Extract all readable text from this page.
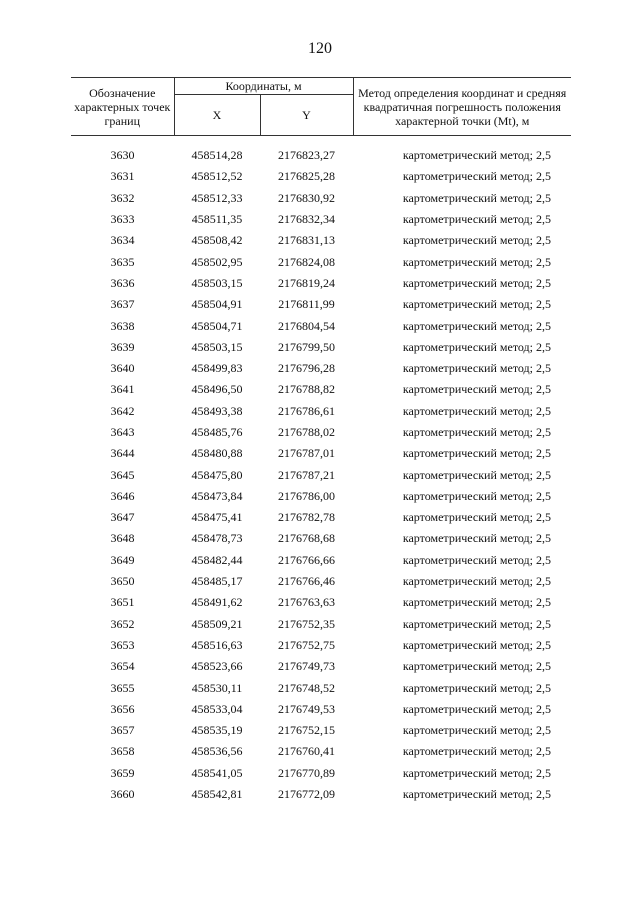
120
Обозначение характерных точек границ	Координаты, м		Метод определения координат и средняя квадратичная погрешность положения характерной точки (Mt), м
	X	Y	

3630	458514,28	2176823,27	картометрический метод; 2,5
3631	458512,52	2176825,28	картометрический метод; 2,5
3632	458512,33	2176830,92	картометрический метод; 2,5
3633	458511,35	2176832,34	картометрический метод; 2,5
3634	458508,42	2176831,13	картометрический метод; 2,5
3635	458502,95	2176824,08	картометрический метод; 2,5
3636	458503,15	2176819,24	картометрический метод; 2,5
3637	458504,91	2176811,99	картометрический метод; 2,5
3638	458504,71	2176804,54	картометрический метод; 2,5
3639	458503,15	2176799,50	картометрический метод; 2,5
3640	458499,83	2176796,28	картометрический метод; 2,5
3641	458496,50	2176788,82	картометрический метод; 2,5
3642	458493,38	2176786,61	картометрический метод; 2,5
3643	458485,76	2176788,02	картометрический метод; 2,5
3644	458480,88	2176787,01	картометрический метод; 2,5
3645	458475,80	2176787,21	картометрический метод; 2,5
3646	458473,84	2176786,00	картометрический метод; 2,5
3647	458475,41	2176782,78	картометрический метод; 2,5
3648	458478,73	2176768,68	картометрический метод; 2,5
3649	458482,44	2176766,66	картометрический метод; 2,5
3650	458485,17	2176766,46	картометрический метод; 2,5
3651	458491,62	2176763,63	картометрический метод; 2,5
3652	458509,21	2176752,35	картометрический метод; 2,5
3653	458516,63	2176752,75	картометрический метод; 2,5
3654	458523,66	2176749,73	картометрический метод; 2,5
3655	458530,11	2176748,52	картометрический метод; 2,5
3656	458533,04	2176749,53	картометрический метод; 2,5
3657	458535,19	2176752,15	картометрический метод; 2,5
3658	458536,56	2176760,41	картометрический метод; 2,5
3659	458541,05	2176770,89	картометрический метод; 2,5
3660	458542,81	2176772,09	картометрический метод; 2,5
